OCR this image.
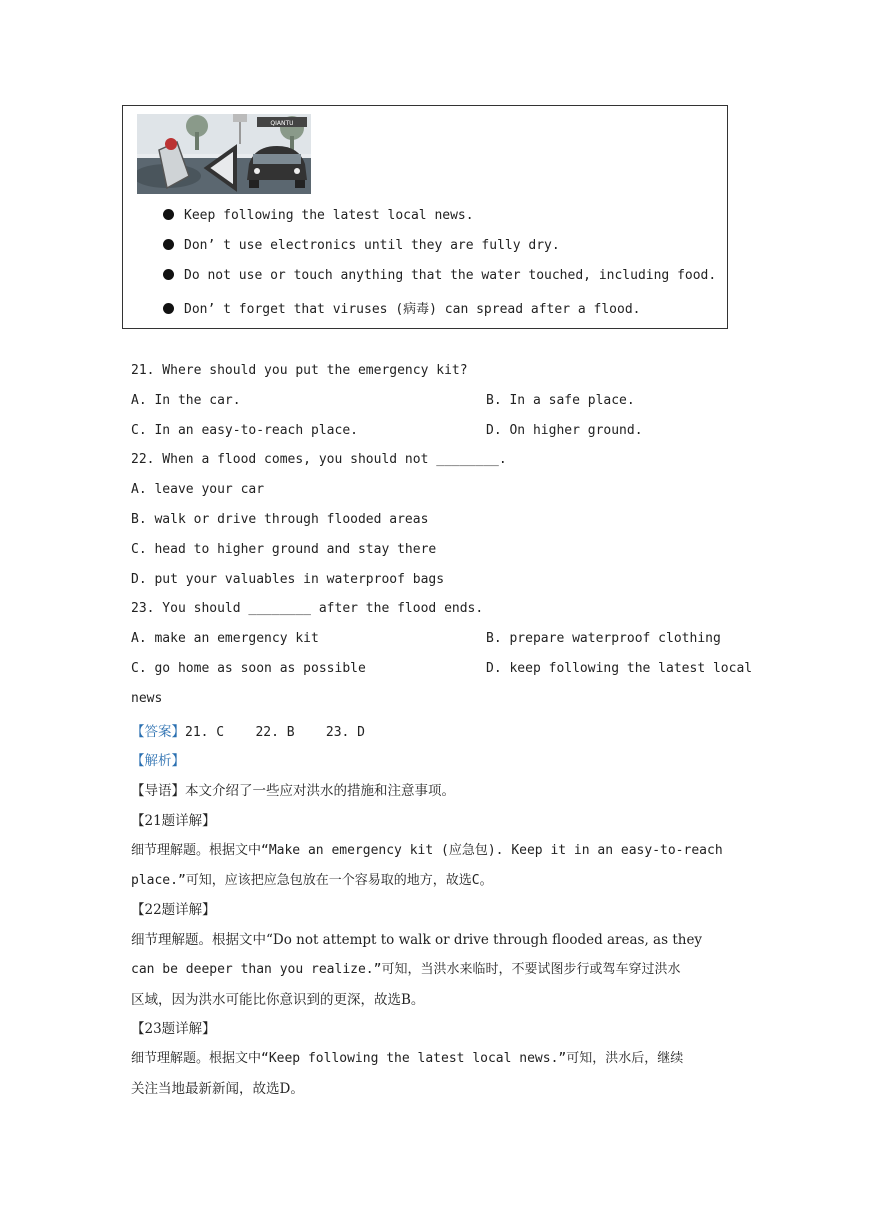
QIANTU
Keep following the latest local news.
Don’ t use electronics until they are fully dry.
Do not use or touch anything that the water touched, including food.
Don’ t forget that viruses (病毒) can spread after a flood.
21. Where should you put the emergency kit?
A. In the car.	B. In a safe place.
C. In an easy-to-reach place.	D. On higher ground.
22. When a flood comes, you should not ________.
A. leave your car
B. walk or drive through flooded areas
C. head to higher ground and stay there
D. put your valuables in waterproof bags
23. You should ________ after the flood ends.
A. make an emergency kit	B. prepare waterproof clothing
C. go home as soon as possible	D. keep following the latest local
news
【答案】21. C    22. B    23. D
【解析】
【导语】本文介绍了一些应对洪水的措施和注意事项。
【21题详解】
细节理解题。根据文中“Make an emergency kit (应急包). Keep it in an easy-to-reach
place.”可知，应该把应急包放在一个容易取的地方，故选C。
【22题详解】
细节理解题。根据文中“Do not attempt to walk or drive through flooded areas, as they
can be deeper than you realize.”可知，当洪水来临时，不要试图步行或驾车穿过洪水
区域，因为洪水可能比你意识到的更深，故选B。
【23题详解】
细节理解题。根据文中“Keep following the latest local news.”可知，洪水后，继续
关注当地最新新闻，故选D。
